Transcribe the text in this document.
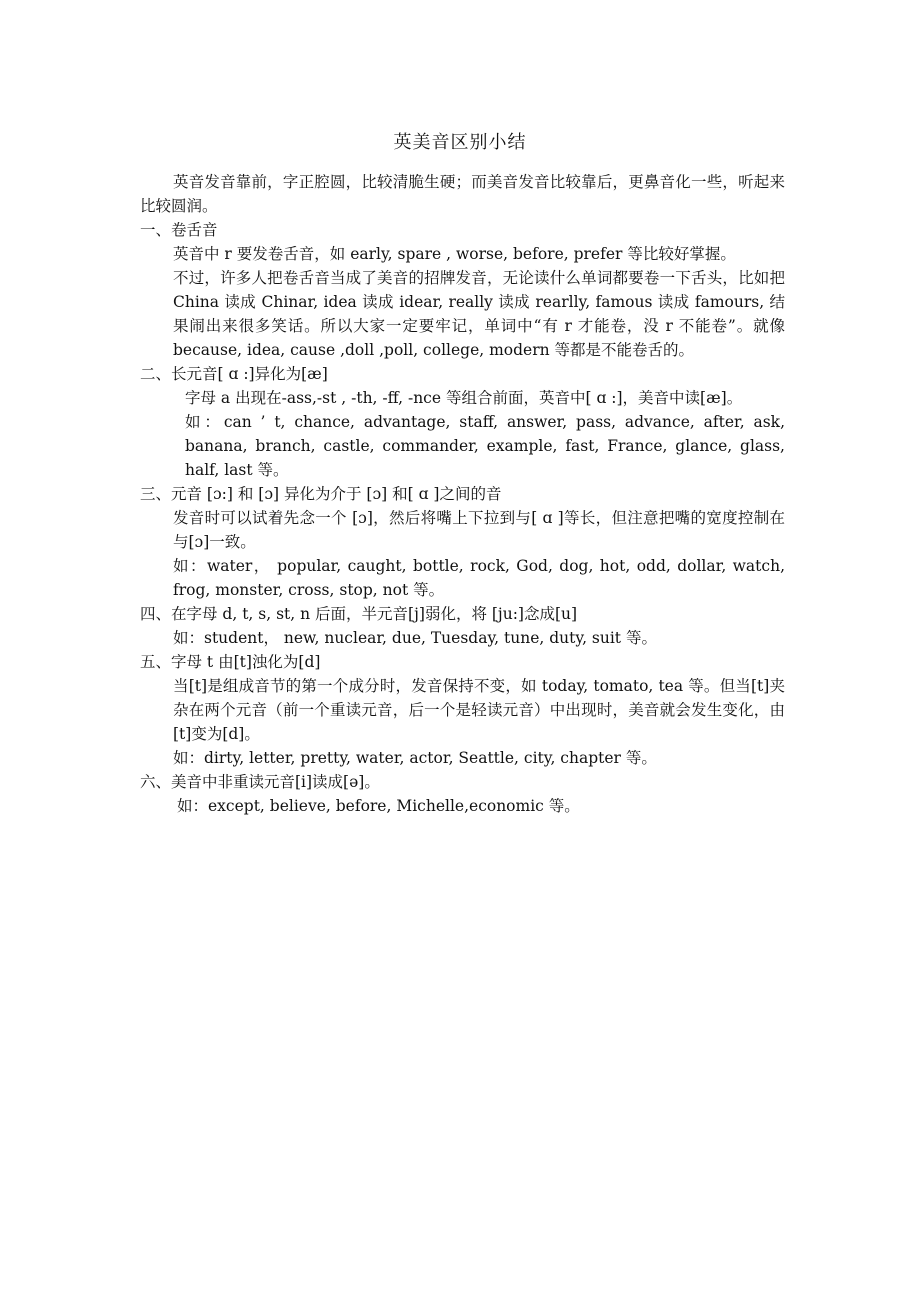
英美音区别小结

英音发音靠前，字正腔圆，比较清脆生硬；而美音发音比较靠后，更鼻音化一些，听起来比较圆润。

一、卷舌音

英音中 r 要发卷舌音，如 early, spare , worse, before, prefer 等比较好掌握。

不过，许多人把卷舌音当成了美音的招牌发音，无论读什么单词都要卷一下舌头，比如把 China 读成 Chinar, idea 读成 idear, really 读成 rearlly, famous 读成 famours, 结果闹出来很多笑话。所以大家一定要牢记，单词中“有 r 才能卷，没 r 不能卷”。就像 because, idea, cause ,doll ,poll, college, modern 等都是不能卷舌的。

二、长元音[ ɑ :]异化为[æ]

字母 a 出现在-ass,-st , -th, -ff, -nce 等组合前面，英音中[ ɑ :]，美音中读[æ]。

如：can ’ t, chance, advantage, staff, answer, pass, advance, after, ask, banana, branch, castle, commander, example, fast, France, glance, glass, half, last 等。

三、元音 [ɔ:] 和 [ɔ] 异化为介于 [ɔ] 和[ ɑ ]之间的音

发音时可以试着先念一个 [ɔ]，然后将嘴上下拉到与[ ɑ ]等长，但注意把嘴的宽度控制在与[ɔ]一致。

如：water， popular, caught, bottle, rock, God, dog, hot, odd, dollar, watch, frog, monster, cross, stop, not 等。

四、在字母 d, t, s, st, n 后面，半元音[j]弱化，将 [ju:]念成[u]

如：student， new, nuclear, due, Tuesday, tune, duty, suit 等。

五、字母 t 由[t]浊化为[d]

当[t]是组成音节的第一个成分时，发音保持不变，如 today, tomato, tea 等。但当[t]夹杂在两个元音（前一个重读元音，后一个是轻读元音）中出现时，美音就会发生变化，由[t]变为[d]。

如：dirty, letter, pretty, water, actor, Seattle, city, chapter 等。

六、美音中非重读元音[i]读成[ə]。

如：except, believe, before, Michelle,economic 等。
